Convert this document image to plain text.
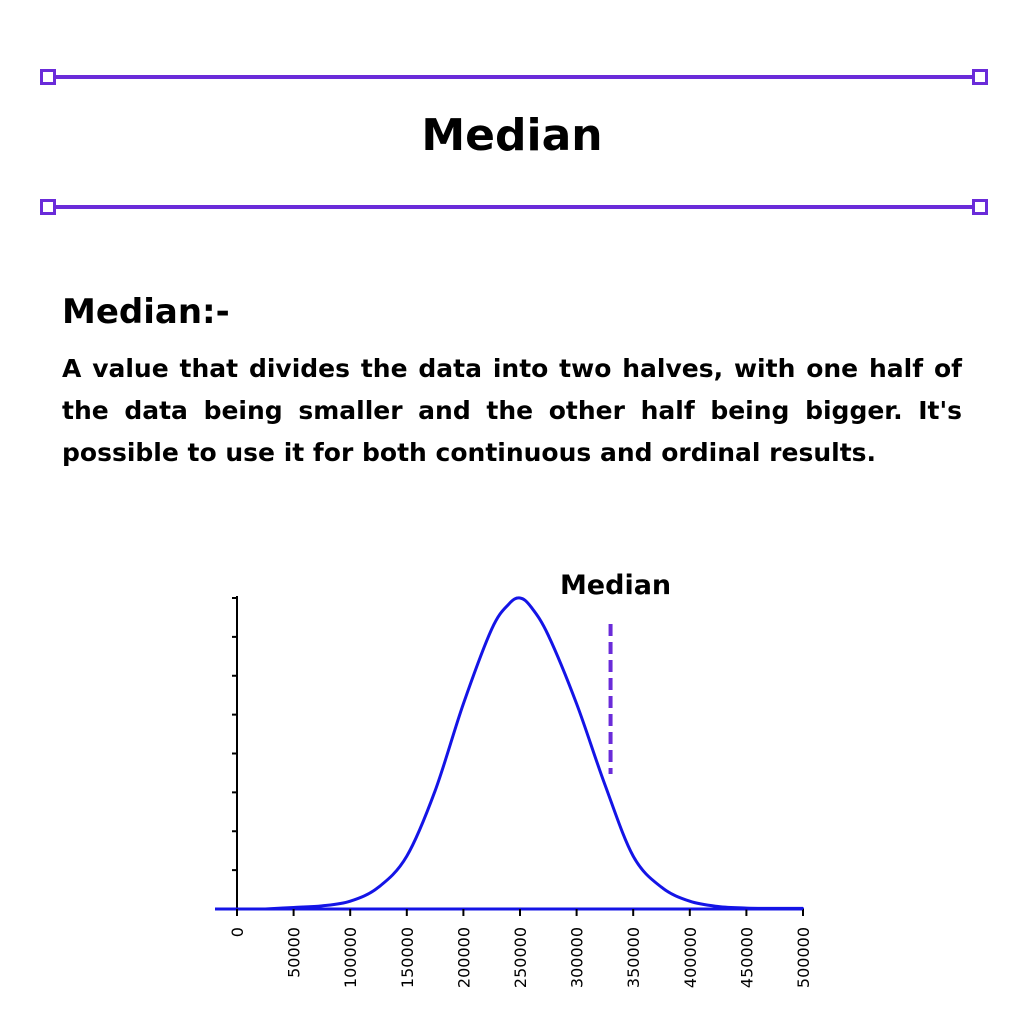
Median
Median:-

A value that divides the data into two halves, with one half of the data being smaller and the other half being bigger. It's possible to use it for both continuous and ordinal results.

0 50000 100000 150000 200000 250000 300000 350000 400000 450000 500000
Median
